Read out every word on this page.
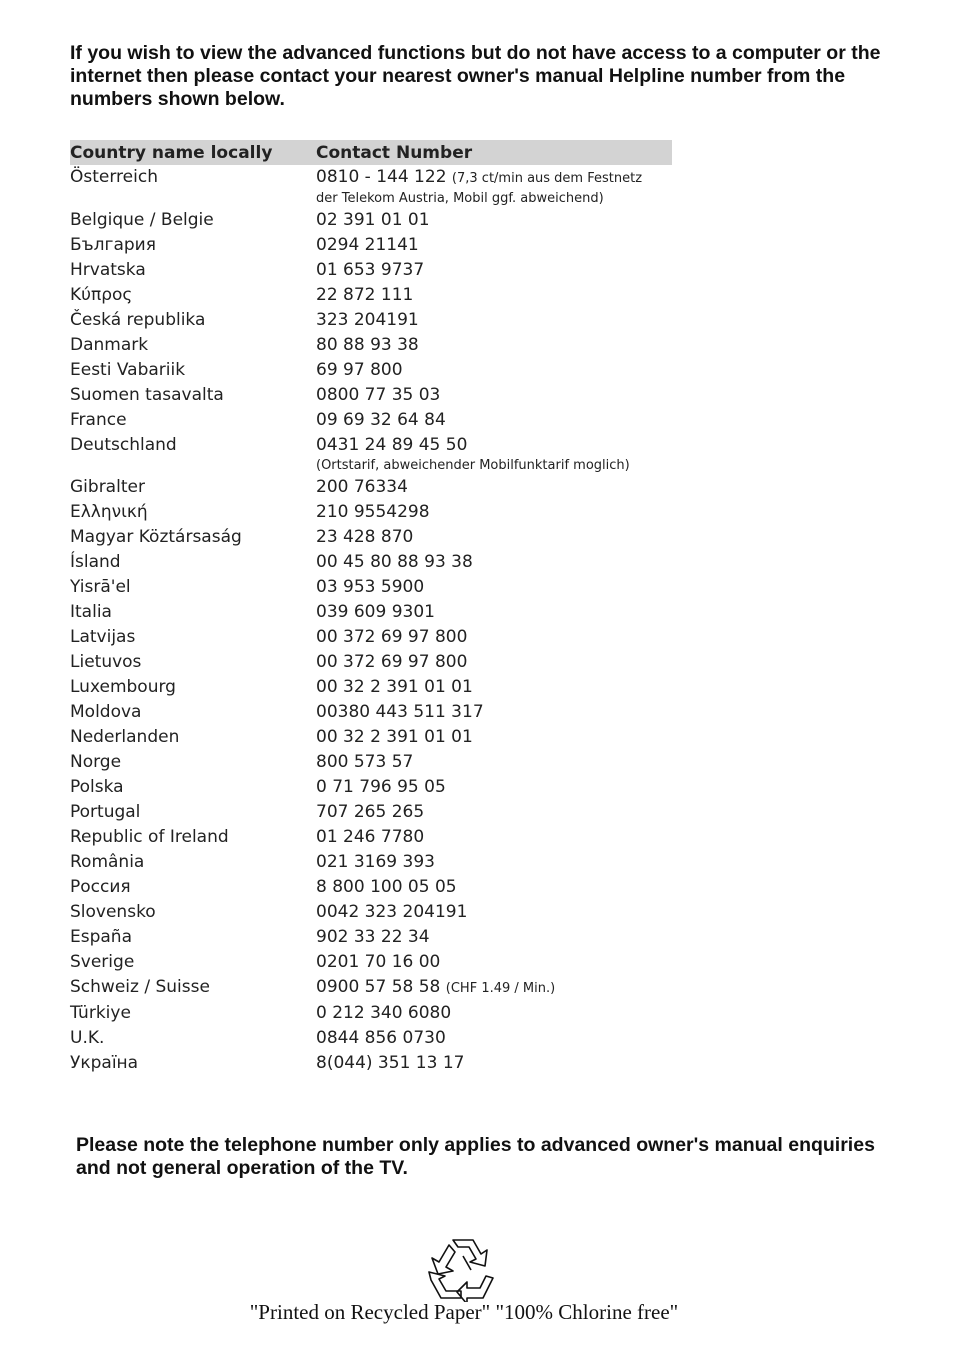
If you wish to view the advanced functions but do not have access to a computer or the internet then please contact your nearest owner's manual Helpline number from the numbers shown below.

Country name locally	Contact Number
Österreich	0810 - 144 122 (7,3 ct/min aus dem Festnetz
der Telekom Austria, Mobil ggf. abweichend)
Belgique / Belgie	02 391 01 01
България	0294 21141
Hrvatska	01 653 9737
Κύπρος	22 872 111
Česká republika	323 204191
Danmark	80 88 93 38
Eesti Vabariik	69 97 800
Suomen tasavalta	0800 77 35 03
France	09 69 32 64 84
Deutschland	0431 24 89 45 50
(Ortstarif, abweichender Mobilfunktarif moglich)
Gibralter	200 76334
Ελληνική	210 9554298
Magyar Köztársaság	23 428 870
Ísland	00 45 80 88 93 38
Yisrā'el	03 953 5900
Italia	039 609 9301
Latvijas	00 372 69 97 800
Lietuvos	00 372 69 97 800
Luxembourg	00 32 2 391 01 01
Moldova	00380 443 511 317
Nederlanden	00 32 2 391 01 01
Norge	800 573 57
Polska	0 71 796 95 05
Portugal	707 265 265
Republic of Ireland	01 246 7780
România	021 3169 393
Россия	8 800 100 05 05
Slovensko	0042 323 204191
España	902 33 22 34
Sverige	0201 70 16 00
Schweiz / Suisse	0900 57 58 58 (CHF 1.49 / Min.)
Türkiye	0 212 340 6080
U.K.	0844 856 0730
Україна	8(044) 351 13 17

Please note the telephone number only applies to advanced owner's manual enquiries and not general operation of the TV.

"Printed on Recycled Paper" "100% Chlorine free"
